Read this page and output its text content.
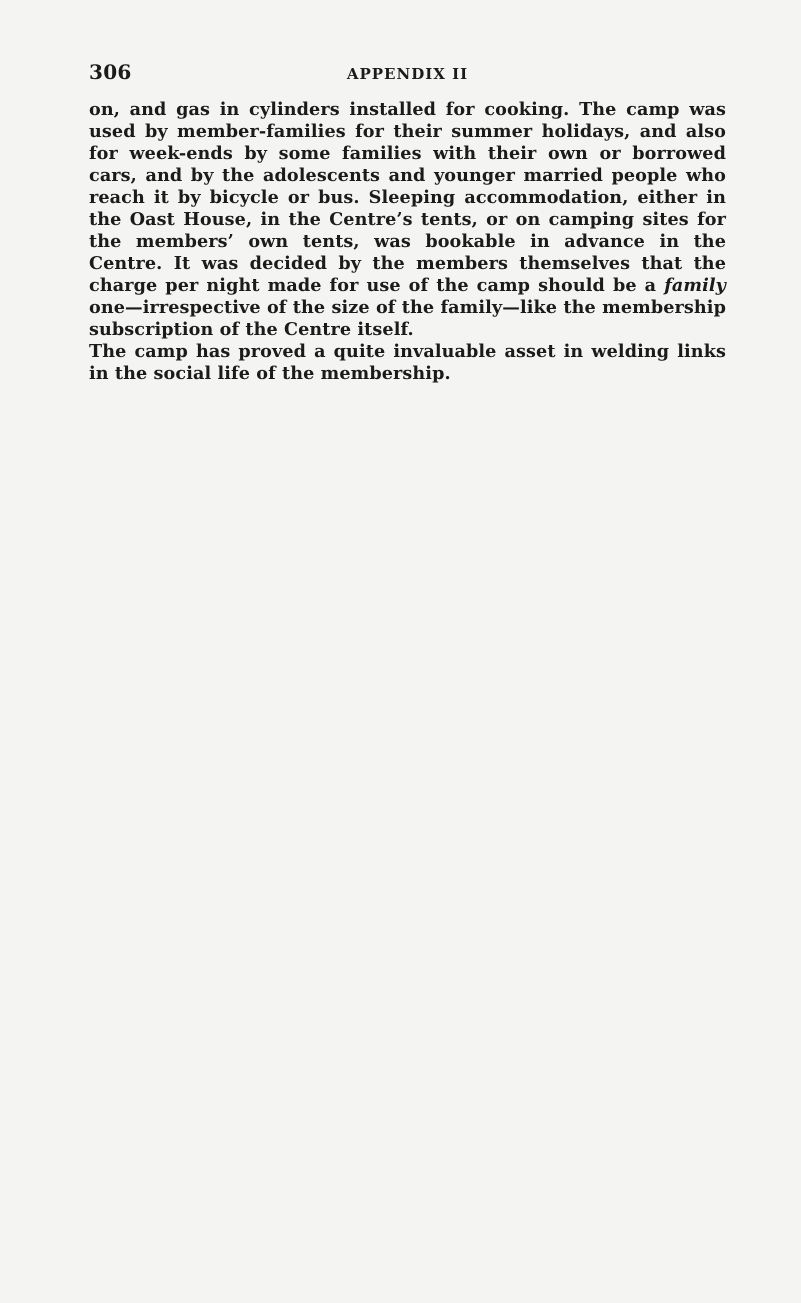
306	APPENDIX II

on, and gas in cylinders installed for cooking. The camp was used by member-families for their summer holidays, and also for week-ends by some families with their own or borrowed cars, and by the adolescents and younger married people who reach it by bicycle or bus. Sleeping accommodation, either in the Oast House, in the Centre’s tents, or on camping sites for the members’ own tents, was bookable in advance in the Centre. It was decided by the members themselves that the charge per night made for use of the camp should be a family one—irrespective of the size of the family—like the membership subscription of the Centre itself.

The camp has proved a quite invaluable asset in welding links in the social life of the membership.
